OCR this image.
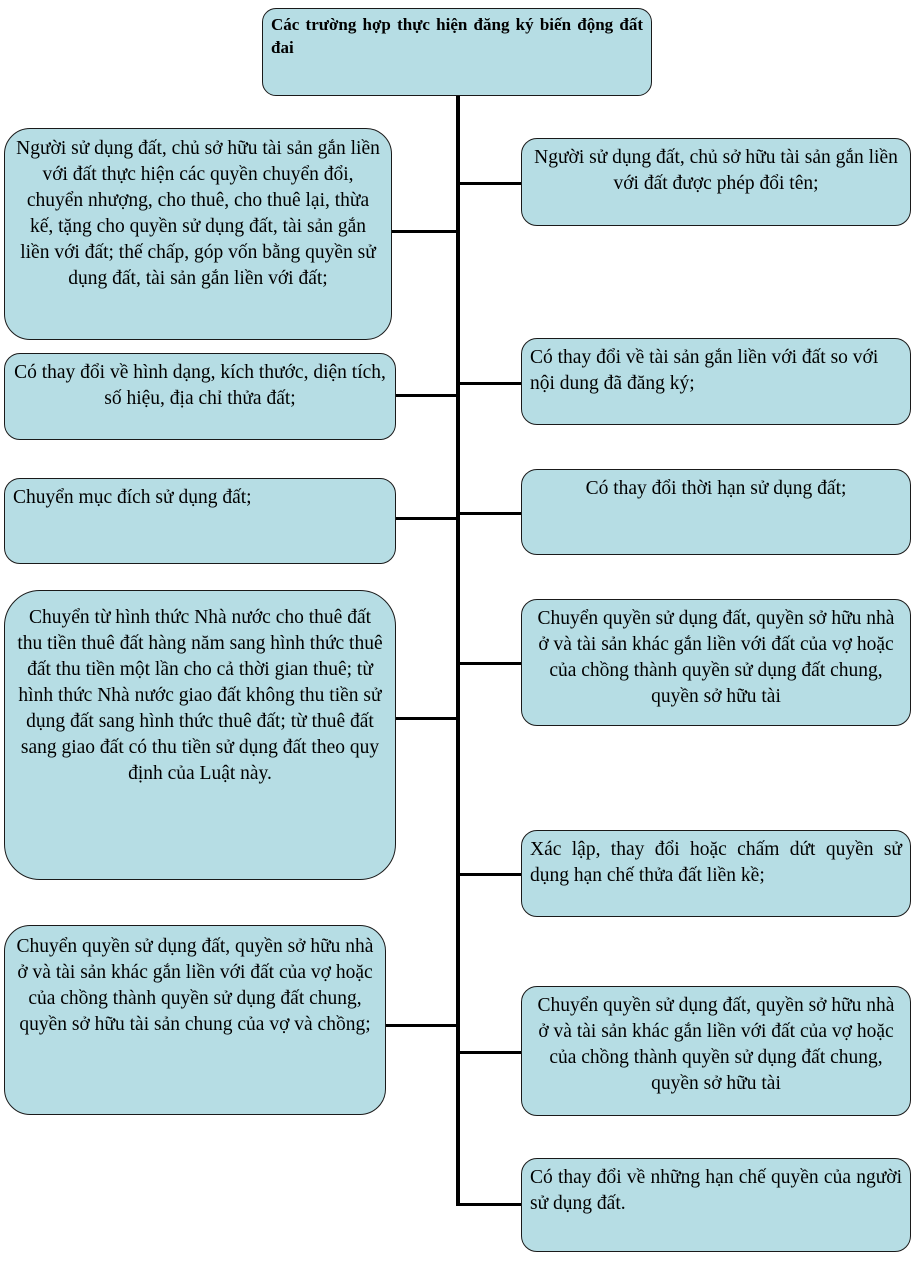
Các trường hợp thực hiện đăng ký biến động đất đai
Người sử dụng đất, chủ sở hữu tài sản gắn liền với đất thực hiện các quyền chuyển đổi, chuyển nhượng, cho thuê, cho thuê lại, thừa kế, tặng cho quyền sử dụng đất, tài sản gắn liền với đất; thế chấp, góp vốn bằng quyền sử dụng đất, tài sản gắn liền với đất;
Có thay đổi về hình dạng, kích thước, diện tích, số hiệu, địa chỉ thửa đất;
Chuyển mục đích sử dụng đất;
Chuyển từ hình thức Nhà nước cho thuê đất thu tiền thuê đất hàng năm sang hình thức thuê đất thu tiền một lần cho cả thời gian thuê; từ hình thức Nhà nước giao đất không thu tiền sử dụng đất sang hình thức thuê đất; từ thuê đất sang giao đất có thu tiền sử dụng đất theo quy định của Luật này.
Chuyển quyền sử dụng đất, quyền sở hữu nhà ở và tài sản khác gắn liền với đất của vợ hoặc của chồng thành quyền sử dụng đất chung, quyền sở hữu tài sản chung của vợ và chồng;
Người sử dụng đất, chủ sở hữu tài sản gắn liền với đất được phép đổi tên;
Có thay đổi về tài sản gắn liền với đất so với nội dung đã đăng ký;
Có thay đổi thời hạn sử dụng đất;
Chuyển quyền sử dụng đất, quyền sở hữu nhà ở và tài sản khác gắn liền với đất của vợ hoặc của chồng thành quyền sử dụng đất chung, quyền sở hữu tài
Xác lập, thay đổi hoặc chấm dứt quyền sử dụng hạn chế thửa đất liền kề;
Chuyển quyền sử dụng đất, quyền sở hữu nhà ở và tài sản khác gắn liền với đất của vợ hoặc của chồng thành quyền sử dụng đất chung, quyền sở hữu tài
Có thay đổi về những hạn chế quyền của người sử dụng đất.
